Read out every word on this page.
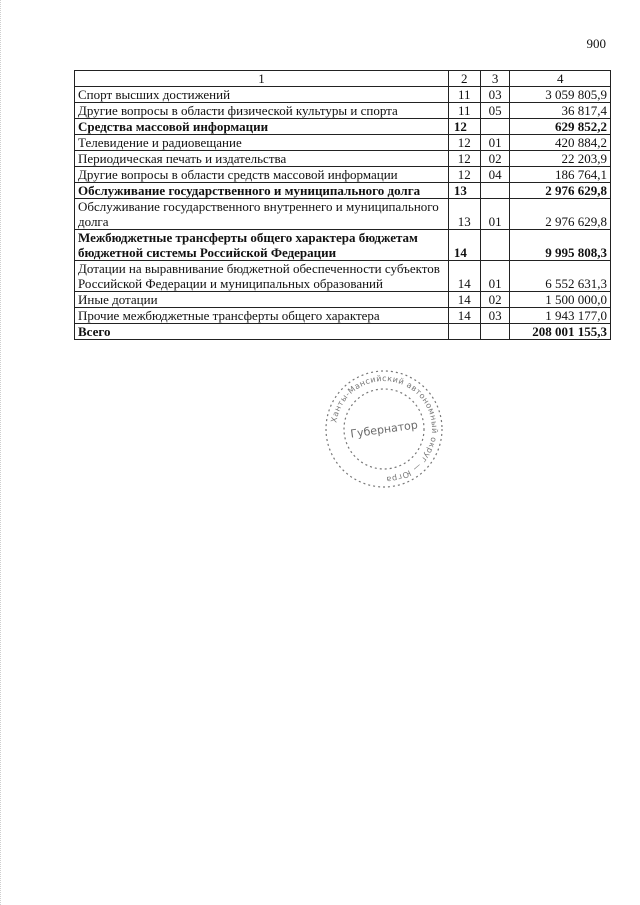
900
1	2	3	4
Спорт высших достижений	11	03	3 059 805,9
Другие вопросы в области физической культуры и спорта	11	05	36 817,4
Средства массовой информации	12		629 852,2
Телевидение и радиовещание	12	01	420 884,2
Периодическая печать и издательства	12	02	22 203,9
Другие вопросы в области средств массовой информации	12	04	186 764,1
Обслуживание государственного и муниципального долга	13		2 976 629,8
Обслуживание государственного внутреннего и муниципального долга	13	01	2 976 629,8
Межбюджетные трансферты общего характера бюджетам бюджетной системы Российской Федерации	14		9 995 808,3
Дотации на выравнивание бюджетной обеспеченности субъектов Российской Федерации и муниципальных образований	14	01	6 552 631,3
Иные дотации	14	02	1 500 000,0
Прочие межбюджетные трансферты общего характера	14	03	1 943 177,0
Всего			208 001 155,3
Ханты-Мансийский автономный округ — Югра
Губернатор
